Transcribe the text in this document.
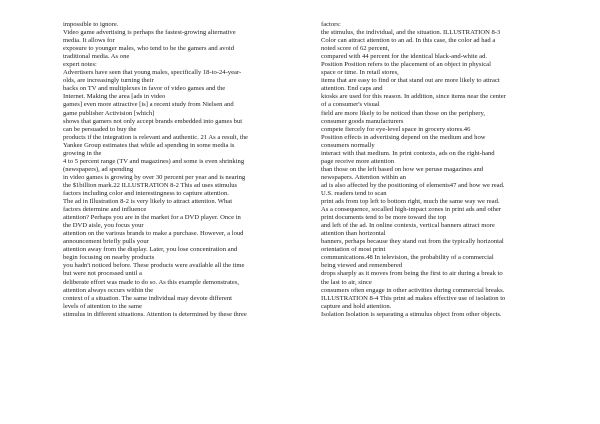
impossible to ignore.

Video game advertising is perhaps the fastest-growing alternative

media. It allows for

exposure to younger males, who tend to be the gamers and avoid

traditional media. As one

expert notes:

Advertisers have seen that young males, specifically 18-to-24-year-

olds, are increasingly turning their

backs on TV and multiplexes in favor of video games and the

Internet. Making the area [ads in video

games] even more attractive [is] a recent study from Nielsen and

game publisher Activision [which]

shows that gamers not only accept brands embedded into games but

can be persuaded to buy the

products if the integration is relevant and authentic. 21 As a result, the

Yankee Group estimates that while ad spending in some media is

growing in the

4 to 5 percent range (TV and magazines) and some is even shrinking

(newspapers), ad spending

in video games is growing by over 30 percent per year and is nearing

the $1billion mark.22 ILLUSTRATION 8-2 This ad uses stimulus

factors including color and interestingness to capture attention.

The ad in Illustration 8-2 is very likely to attract attention. What

factors determine and influence

attention? Perhaps you are in the market for a DVD player. Once in

the DVD aisle, you focus your

attention on the various brands to make a purchase. However, a loud

announcement briefly pulls your

attention away from the display. Later, you lose concentration and

begin focusing on nearby products

you hadn't noticed before. These products were available all the time

but were not processed until a

deliberate effort was made to do so. As this example demonstrates,

attention always occurs within the

context of a situation. The same individual may devote different

levels of attention to the same

stimulus in different situations. Attention is determined by these three

factors:

the stimulus, the individual, and the situation. ILLUSTRATION 8-3

Color can attract attention to an ad. In this case, the color ad had a

noted score of 62 percent,

compared with 44 percent for the identical black-and-white ad.

Position Position refers to the placement of an object in physical

space or time. In retail stores,

items that are easy to find or that stand out are more likely to attract

attention. End caps and

kiosks are used for this reason. In addition, since items near the center

of a consumer's visual

field are more likely to be noticed than those on the periphery,

consumer goods manufacturers

compete fiercely for eye-level space in grocery stores.46

Position effects in advertising depend on the medium and how

consumers normally

interact with that medium. In print contexts, ads on the right-hand

page receive more attention

than those on the left based on how we peruse magazines and

newspapers. Attention within an

ad is also affected by the positioning of elements47 and how we read.

U.S. readers tend to scan

print ads from top left to bottom right, much the same way we read.

As a consequence, socalled high-impact zones in print ads and other

print documents tend to be more toward the top

and left of the ad. In online contexts, vertical banners attract more

attention than horizontal

banners, perhaps because they stand out from the typically horizontal

orientation of most print

communications.48 In television, the probability of a commercial

being viewed and remembered

drops sharply as it moves from being the first to air during a break to

the last to air, since

consumers often engage in other activities during commercial breaks.

ILLUSTRATION 8-4 This print ad makes effective use of isolation to

capture and hold attention.

Isolation Isolation is separating a stimulus object from other objects.
